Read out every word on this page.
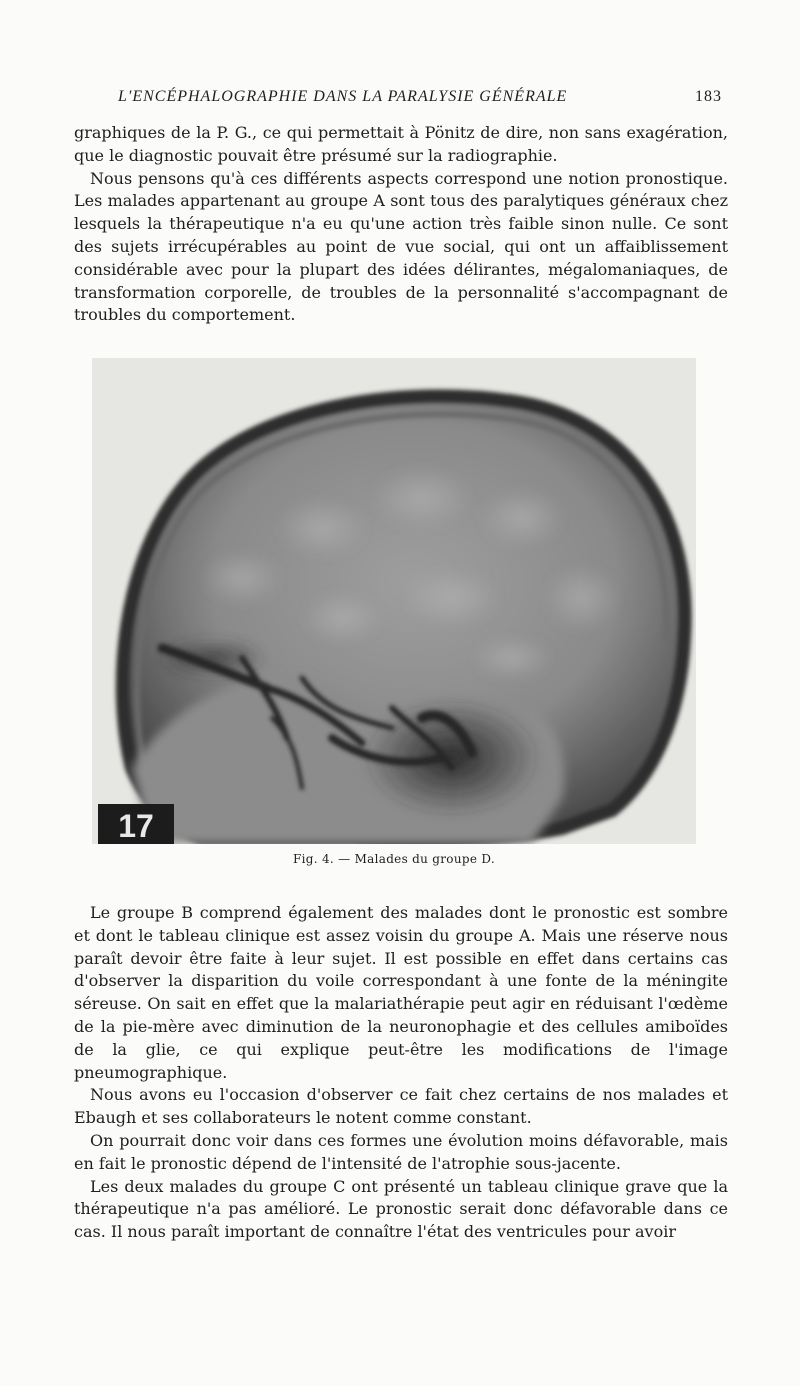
L'ENCÉPHALOGRAPHIE DANS LA PARALYSIE GÉNÉRALE	183

graphiques de la P. G., ce qui permettait à Pönitz de dire, non sans exagération, que le diagnostic pouvait être présumé sur la radiographie.

Nous pensons qu'à ces différents aspects correspond une notion pronostique. Les malades appartenant au groupe A sont tous des paralytiques généraux chez lesquels la thérapeutique n'a eu qu'une action très faible sinon nulle. Ce sont des sujets irrécupérables au point de vue social, qui ont un affaiblissement considérable avec pour la plupart des idées délirantes, mégalomaniaques, de transformation corporelle, de troubles de la personnalité s'accompagnant de troubles du comportement.

17
Fig. 4. — Malades du groupe D.

Le groupe B comprend également des malades dont le pronostic est sombre et dont le tableau clinique est assez voisin du groupe A. Mais une réserve nous paraît devoir être faite à leur sujet. Il est possible en effet dans certains cas d'observer la disparition du voile correspondant à une fonte de la méningite séreuse. On sait en effet que la malariathérapie peut agir en réduisant l'œdème de la pie-mère avec diminution de la neuronophagie et des cellules amiboïdes de la glie, ce qui explique peut-être les modifications de l'image pneumographique.

Nous avons eu l'occasion d'observer ce fait chez certains de nos malades et Ebaugh et ses collaborateurs le notent comme constant.

On pourrait donc voir dans ces formes une évolution moins défavorable, mais en fait le pronostic dépend de l'intensité de l'atrophie sous-jacente.

Les deux malades du groupe C ont présenté un tableau clinique grave que la thérapeutique n'a pas amélioré. Le pronostic serait donc défavorable dans ce cas. Il nous paraît important de connaître l'état des ventricules pour avoir
